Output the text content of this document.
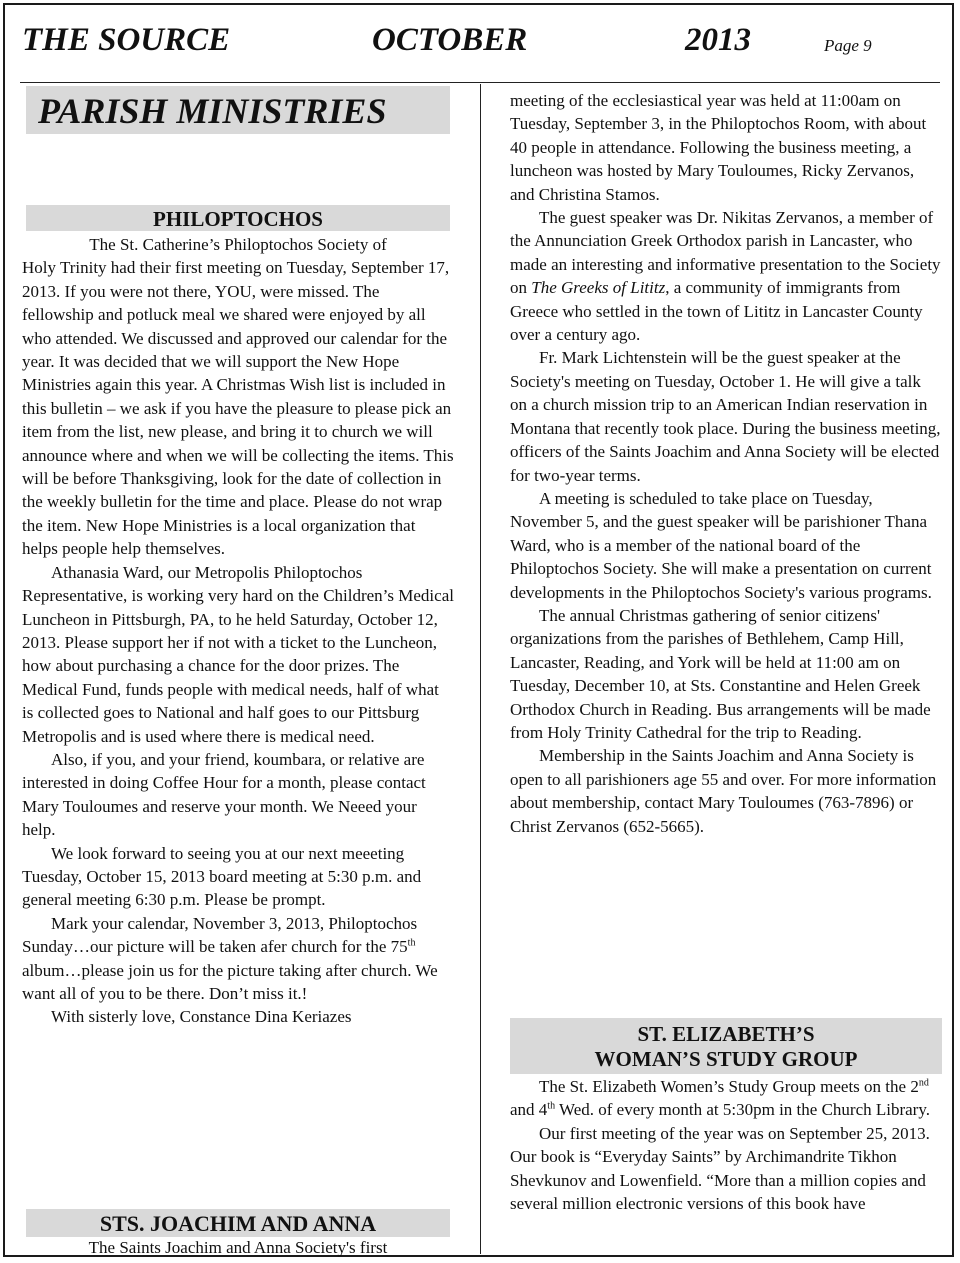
THE SOURCE	OCTOBER	2013	Page 9
PARISH MINISTRIES
PHILOPTOCHOS

The St. Catherine’s Philoptochos Society of

Holy Trinity had their first meeting on Tuesday, September 17, 2013. If you were not there, YOU, were missed. The fellowship and potluck meal we shared were enjoyed by all who attended. We discussed and approved our calendar for the year. It was decided that we will support the New Hope Ministries again this year. A Christmas Wish list is included in this bulletin – we ask if you have the pleasure to please pick an item from the list, new please, and bring it to church we will announce where and when we will be collecting the items. This will be before Thanksgiving, look for the date of collection in the weekly bulletin for the time and place. Please do not wrap the item. New Hope Ministries is a local organization that helps people help themselves.

Athanasia Ward, our Metropolis Philoptochos Representative, is working very hard on the Children’s Medical Luncheon in Pittsburgh, PA, to he held Saturday, October 12, 2013. Please support her if not with a ticket to the Luncheon, how about purchasing a chance for the door prizes. The Medical Fund, funds people with medical needs, half of what is collected goes to National and half goes to our Pittsburg Metropolis and is used where there is medical need.

Also, if you, and your friend, koumbara, or relative are interested in doing Coffee Hour for a month, please contact Mary Touloumes and reserve your month. We Neeed your help.

We look forward to seeing you at our next meeeting Tuesday, October 15, 2013 board meeting at 5:30 p.m. and general meeting 6:30 p.m. Please be prompt.

Mark your calendar, November 3, 2013, Philoptochos Sunday…our picture will be taken afer church for the 75th album…please join us for the picture taking after church. We want all of you to be there. Don’t miss it.!

With sisterly love, Constance Dina Keriazes

STS. JOACHIM AND ANNA
The Saints Joachim and Anna Society's first

meeting of the ecclesiastical year was held at 11:00am on Tuesday, September 3, in the Philoptochos Room, with about 40 people in attendance. Following the business meeting, a luncheon was hosted by Mary Touloumes, Ricky Zervanos, and Christina Stamos.

The guest speaker was Dr. Nikitas Zervanos, a member of the Annunciation Greek Orthodox parish in Lancaster, who made an interesting and informative presentation to the Society on The Greeks of Lititz, a community of immigrants from Greece who settled in the town of Lititz in Lancaster County over a century ago.

Fr. Mark Lichtenstein will be the guest speaker at the Society's meeting on Tuesday, October 1. He will give a talk on a church mission trip to an American Indian reservation in Montana that recently took place. During the business meeting, officers of the Saints Joachim and Anna Society will be elected for two-year terms.

A meeting is scheduled to take place on Tuesday, November 5, and the guest speaker will be parishioner Thana Ward, who is a member of the national board of the Philoptochos Society. She will make a presentation on current developments in the Philoptochos Society's various programs.

The annual Christmas gathering of senior citizens' organizations from the parishes of Bethlehem, Camp Hill, Lancaster, Reading, and York will be held at 11:00 am on Tuesday, December 10, at Sts. Constantine and Helen Greek Orthodox Church in Reading. Bus arrangements will be made from Holy Trinity Cathedral for the trip to Reading.

Membership in the Saints Joachim and Anna Society is open to all parishioners age 55 and over. For more information about membership, contact Mary Touloumes (763-7896) or Christ Zervanos (652-5665).

ST. ELIZABETH’S
WOMAN’S STUDY GROUP

The St. Elizabeth Women’s Study Group meets on the 2nd and 4th Wed. of every month at 5:30pm in the Church Library.

Our first meeting of the year was on September 25, 2013. Our book is “Everyday Saints” by Archimandrite Tikhon Shevkunov and Lowenfield. “More than a million copies and several million electronic versions of this book have
